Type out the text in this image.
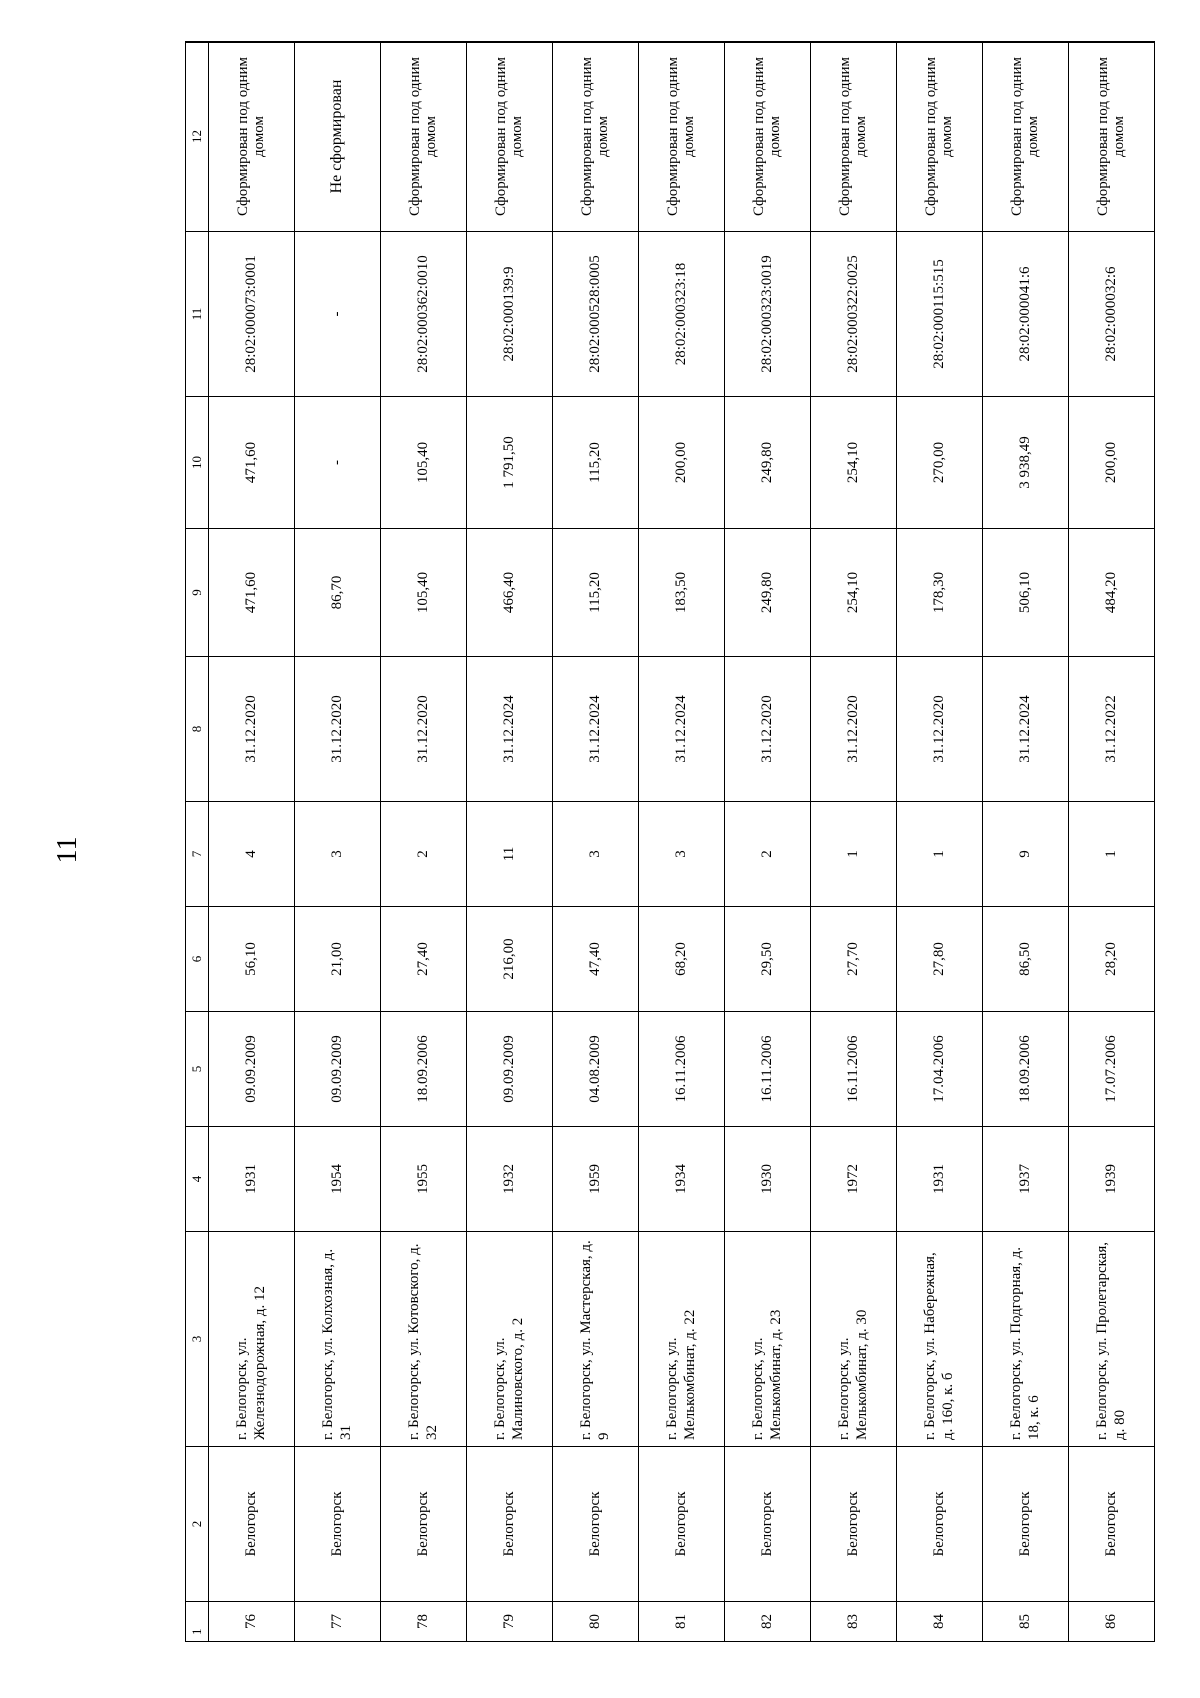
11
1	2	3	4	5	6	7	8	9	10	11	12
76	Белогорск	г. Белогорск, ул. Железнодорожная, д. 12	1931	09.09.2009	56,10	4	31.12.2020	471,60	471,60	28:02:000073:0001	Сформирован под одним домом
77	Белогорск	г. Белогорск, ул. Колхозная, д. 31	1954	09.09.2009	21,00	3	31.12.2020	86,70	-	-	Не сформирован
78	Белогорск	г. Белогорск, ул. Котовского, д. 32	1955	18.09.2006	27,40	2	31.12.2020	105,40	105,40	28:02:000362:0010	Сформирован под одним домом
79	Белогорск	г. Белогорск, ул. Малиновского, д. 2	1932	09.09.2009	216,00	11	31.12.2024	466,40	1 791,50	28:02:000139:9	Сформирован под одним домом
80	Белогорск	г. Белогорск, ул. Мастерская, д. 9	1959	04.08.2009	47,40	3	31.12.2024	115,20	115,20	28:02:000528:0005	Сформирован под одним домом
81	Белогорск	г. Белогорск, ул. Мелькомбинат, д. 22	1934	16.11.2006	68,20	3	31.12.2024	183,50	200,00	28:02:000323:18	Сформирован под одним домом
82	Белогорск	г. Белогорск, ул. Мелькомбинат, д. 23	1930	16.11.2006	29,50	2	31.12.2020	249,80	249,80	28:02:000323:0019	Сформирован под одним домом
83	Белогорск	г. Белогорск, ул. Мелькомбинат, д. 30	1972	16.11.2006	27,70	1	31.12.2020	254,10	254,10	28:02:000322:0025	Сформирован под одним домом
84	Белогорск	г. Белогорск, ул. Набережная, д. 160, к. б	1931	17.04.2006	27,80	1	31.12.2020	178,30	270,00	28:02:000115:515	Сформирован под одним домом
85	Белогорск	г. Белогорск, ул. Подгорная, д. 18, к. 6	1937	18.09.2006	86,50	9	31.12.2024	506,10	3 938,49	28:02:000041:6	Сформирован под одним домом
86	Белогорск	г. Белогорск, ул. Пролетарская, д. 80	1939	17.07.2006	28,20	1	31.12.2022	484,20	200,00	28:02:000032:6	Сформирован под одним домом
